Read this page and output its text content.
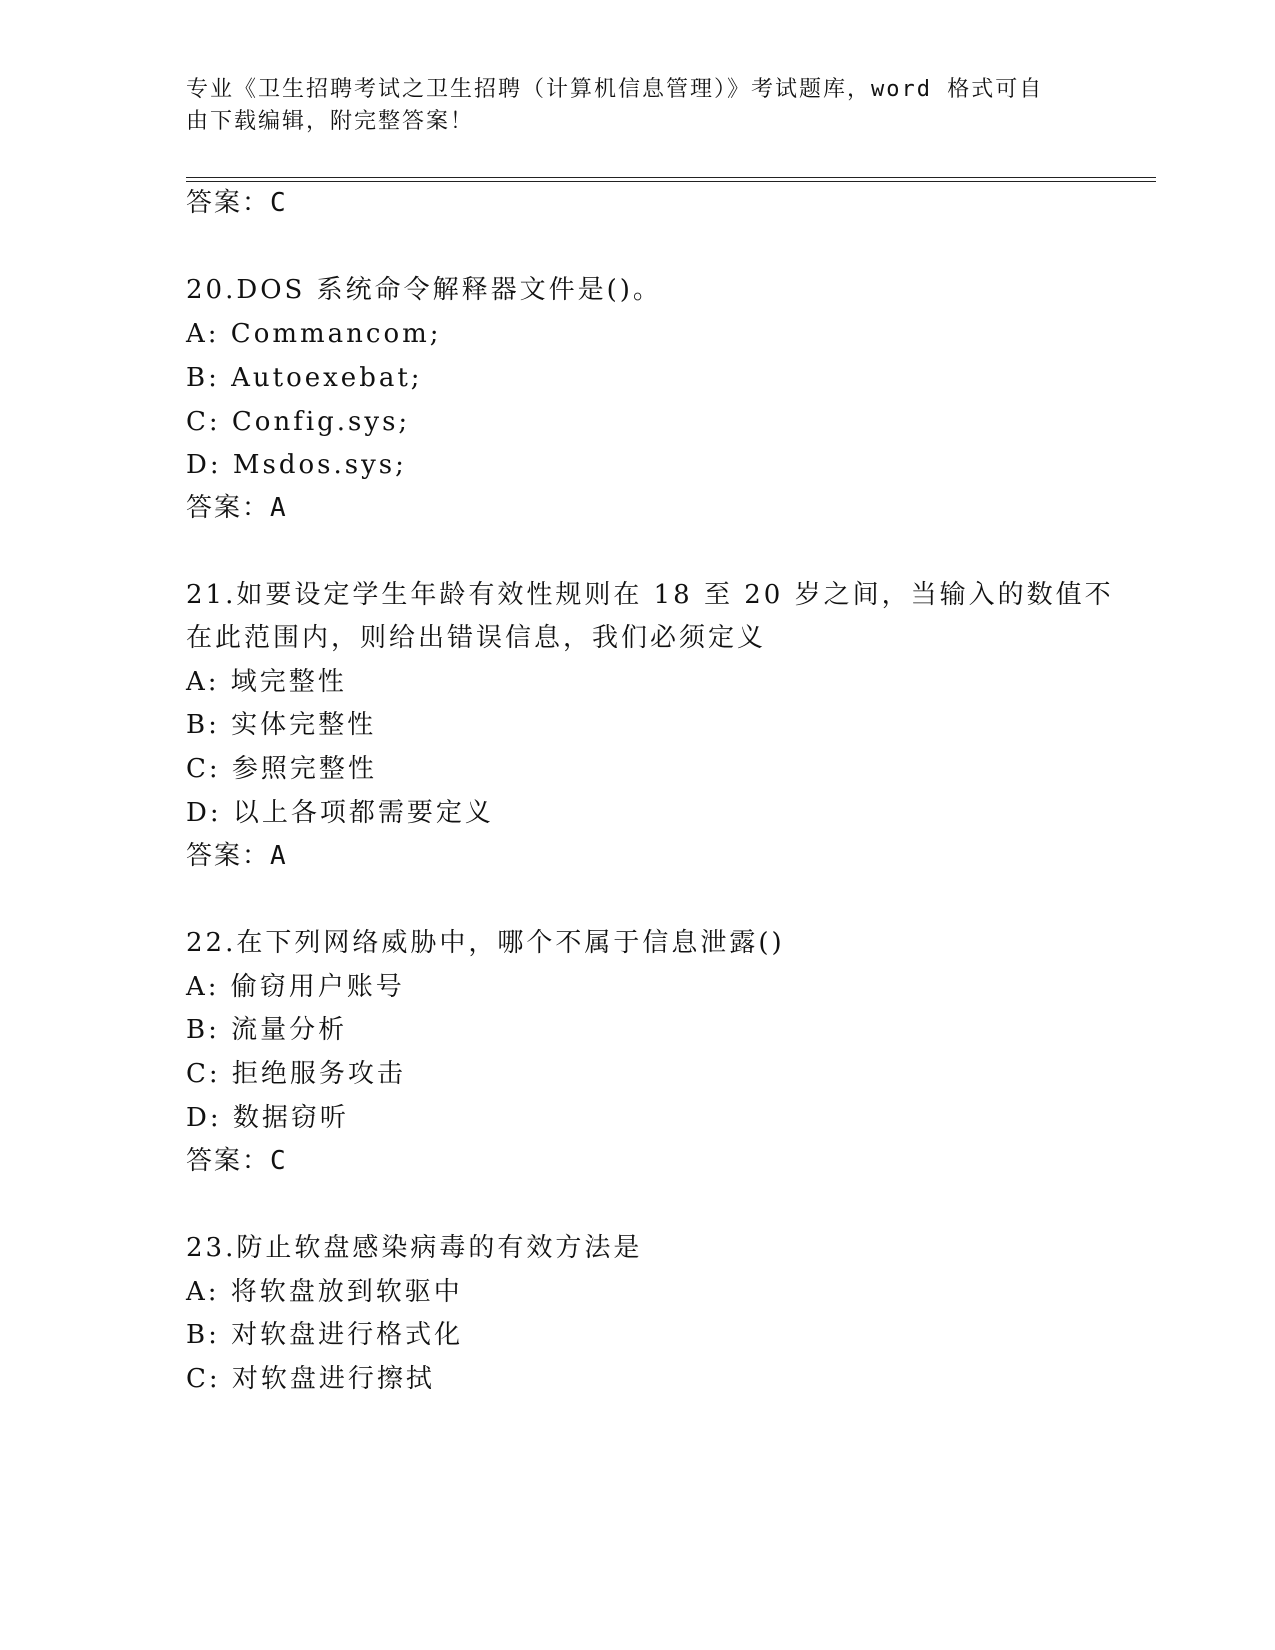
专业《卫生招聘考试之卫生招聘（计算机信息管理）》考试题库，word 格式可自
由下载编辑，附完整答案！
答案：C
20.DOS 系统命令解释器文件是()。
A: Commancom;
B: Autoexebat;
C: Config.sys;
D: Msdos.sys;
答案：A
21.如要设定学生年龄有效性规则在 18 至 20 岁之间，当输入的数值不
在此范围内，则给出错误信息，我们必须定义
A: 域完整性
B: 实体完整性
C: 参照完整性
D: 以上各项都需要定义
答案：A
22.在下列网络威胁中，哪个不属于信息泄露()
A: 偷窃用户账号
B: 流量分析
C: 拒绝服务攻击
D: 数据窃听
答案：C
23.防止软盘感染病毒的有效方法是
A: 将软盘放到软驱中
B: 对软盘进行格式化
C: 对软盘进行擦拭
